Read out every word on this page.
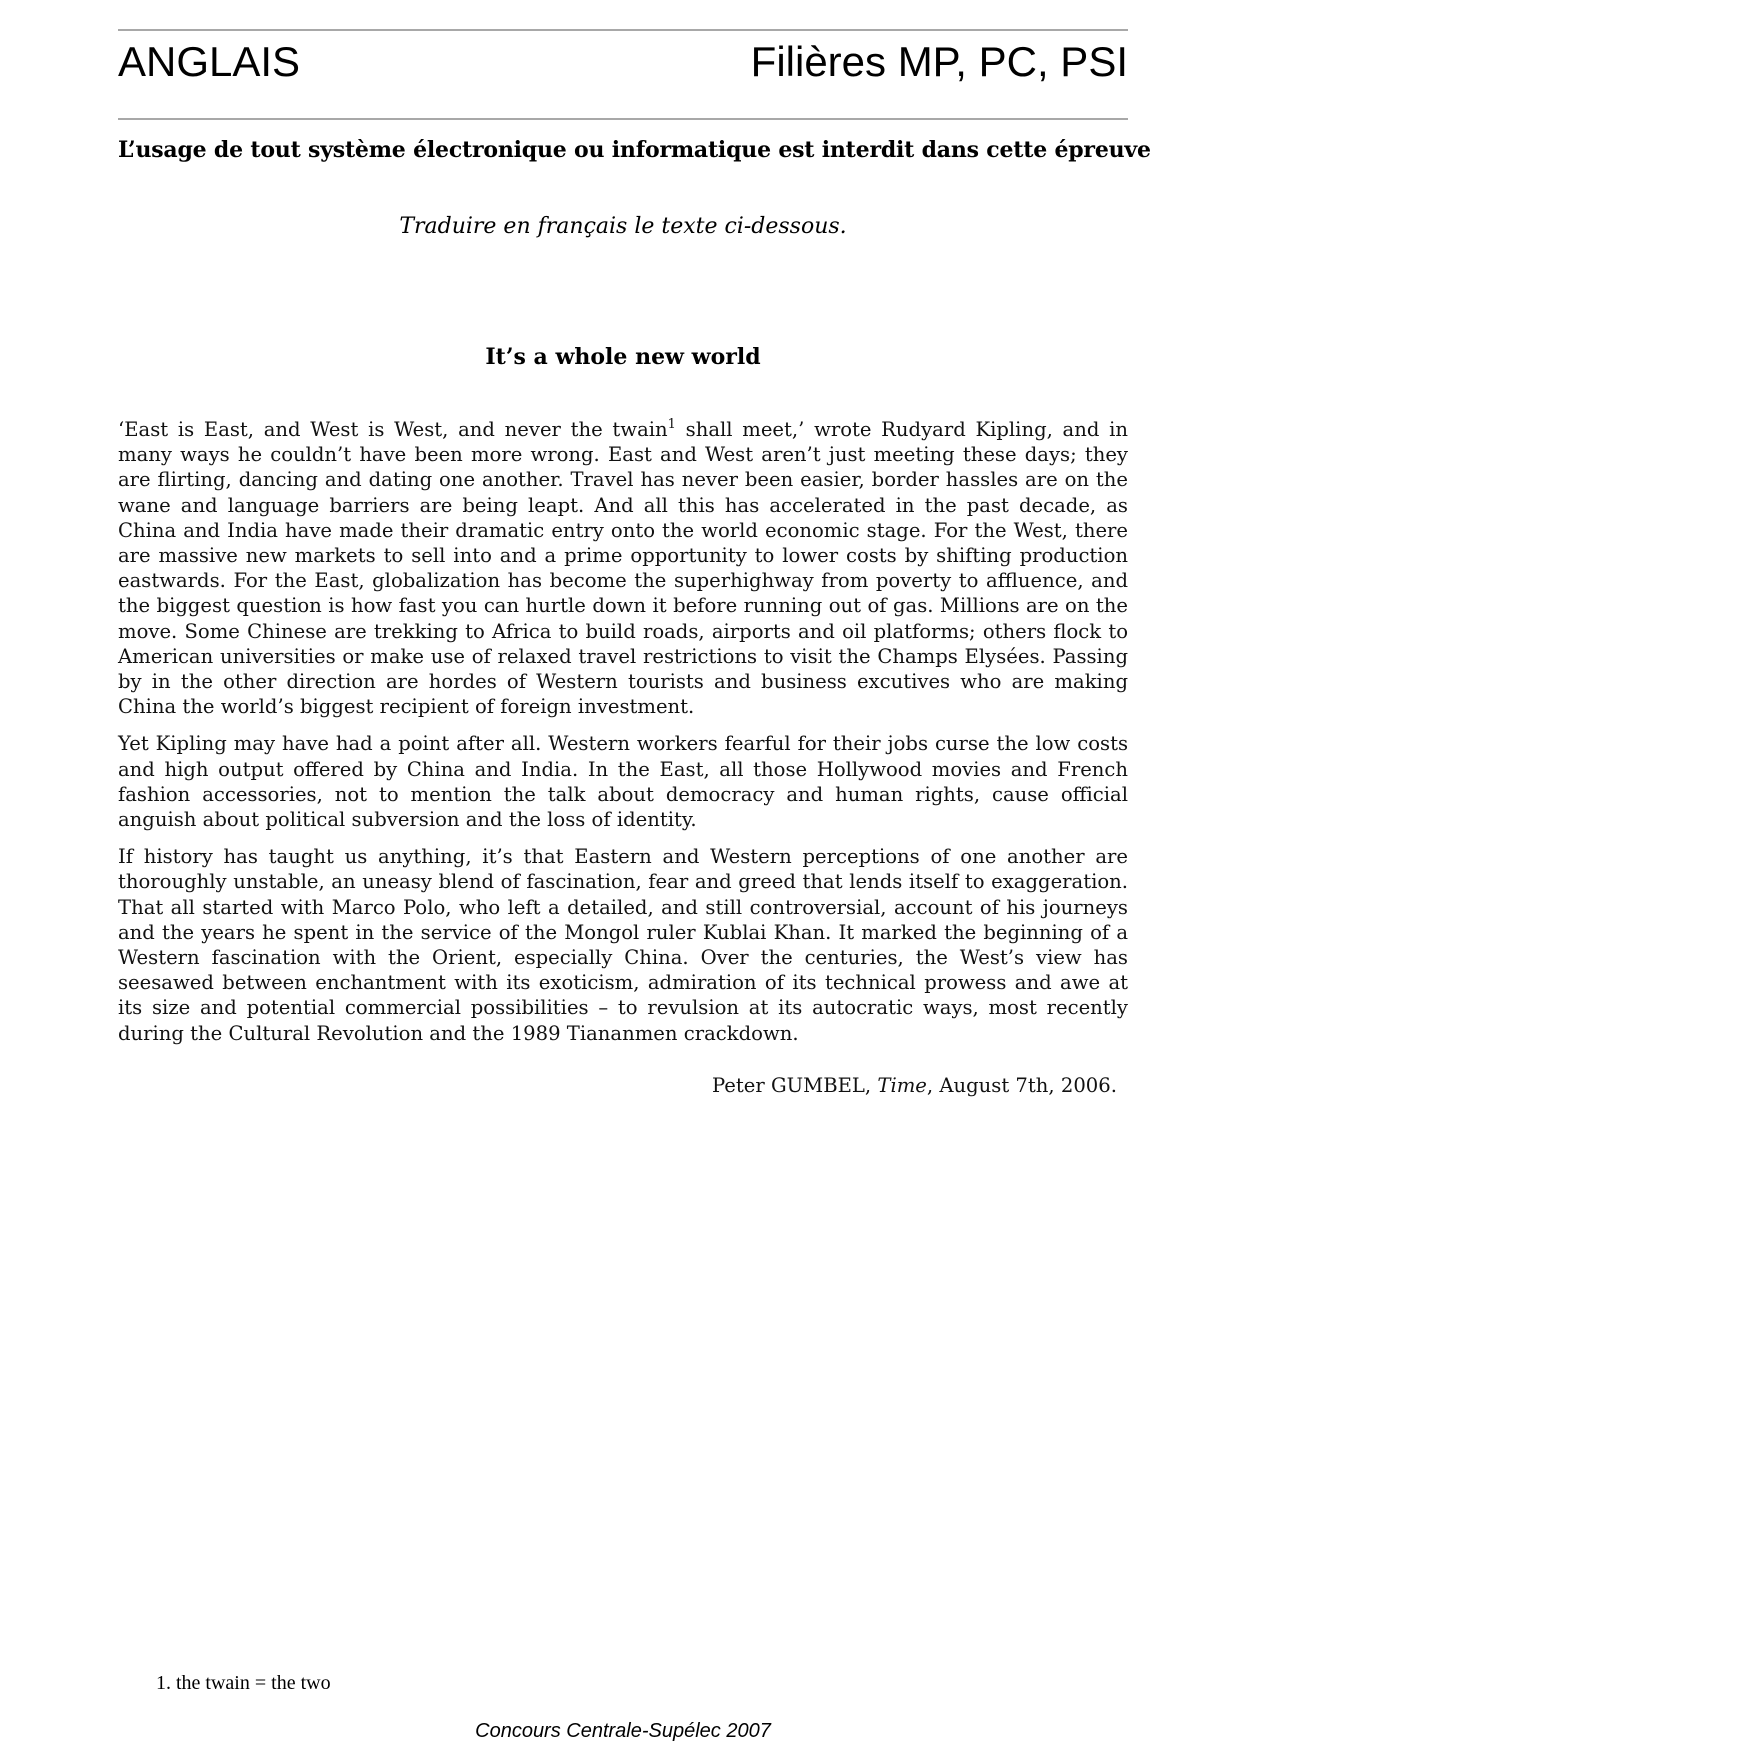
ANGLAIS	Filières MP, PC, PSI
L’usage de tout système électronique ou informatique est interdit dans cette épreuve
Traduire en français le texte ci-dessous.
It’s a whole new world

‘East is East, and West is West, and never the twain$^1$ shall meet,’ wrote Rudyard Kipling, and in many ways he couldn’t have been more wrong. East and West aren’t just meeting these days; they are flirting, dancing and dating one another. Travel has never been easier, border hassles are on the wane and language barriers are being leapt. And all this has accelerated in the past decade, as China and India have made their dramatic entry onto the world economic stage. For the West, there are massive new markets to sell into and a prime opportunity to lower costs by shifting production eastwards. For the East, globalization has become the superhighway from poverty to affluence, and the biggest question is how fast you can hurtle down it before running out of gas. Millions are on the move. Some Chinese are trekking to Africa to build roads, airports and oil platforms; others flock to American universities or make use of relaxed travel restrictions to visit the Champs Elysées. Passing by in the other direction are hordes of Western tourists and business excutives who are making China the world’s biggest recipient of foreign investment.

Yet Kipling may have had a point after all. Western workers fearful for their jobs curse the low costs and high output offered by China and India. In the East, all those Hollywood movies and French fashion accessories, not to mention the talk about democracy and human rights, cause official anguish about political subversion and the loss of identity.

If history has taught us anything, it’s that Eastern and Western perceptions of one another are thoroughly unstable, an uneasy blend of fascination, fear and greed that lends itself to exaggeration. That all started with Marco Polo, who left a detailed, and still controversial, account of his journeys and the years he spent in the service of the Mongol ruler Kublai Khan. It marked the beginning of a Western fascination with the Orient, especially China. Over the centuries, the West’s view has seesawed between enchantment with its exoticism, admiration of its technical prowess and awe at its size and potential commercial possibilities – to revulsion at its autocratic ways, most recently during the Cultural Revolution and the 1989 Tiananmen crackdown.

Peter GUMBEL, Time, August 7th, 2006.
1. the twain = the two
Concours Centrale-Supélec 2007
